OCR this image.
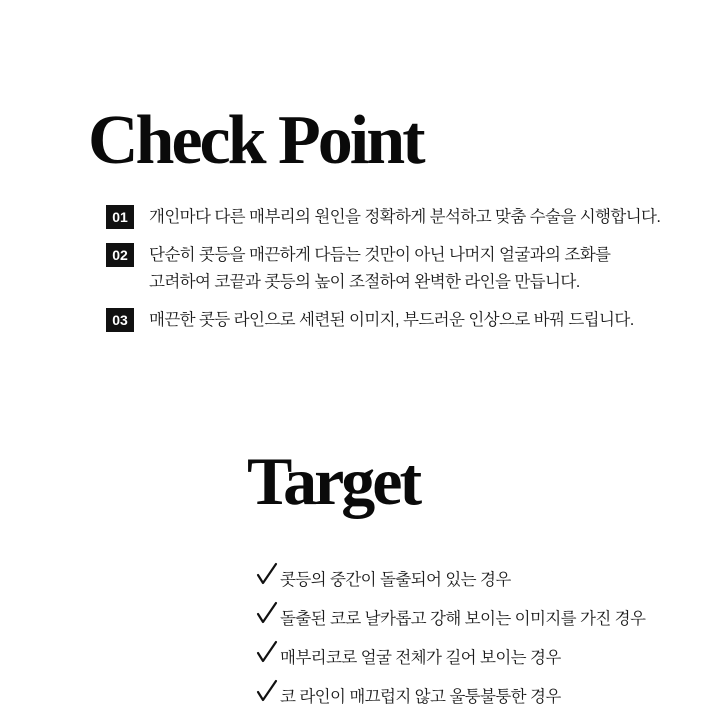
Check Point
01	개인마다 다른 매부리의 원인을 정확하게 분석하고 맞춤 수술을 시행합니다.
02	단순히 콧등을 매끈하게 다듬는 것만이 아닌 나머지 얼굴과의 조화를
고려하여 코끝과 콧등의 높이 조절하여 완벽한 라인을 만듭니다.
03	매끈한 콧등 라인으로 세련된 이미지, 부드러운 인상으로 바꿔 드립니다.
Target
콧등의 중간이 돌출되어 있는 경우
돌출된 코로 날카롭고 강해 보이는 이미지를 가진 경우
매부리코로 얼굴 전체가 길어 보이는 경우
코 라인이 매끄럽지 않고 울퉁불퉁한 경우
